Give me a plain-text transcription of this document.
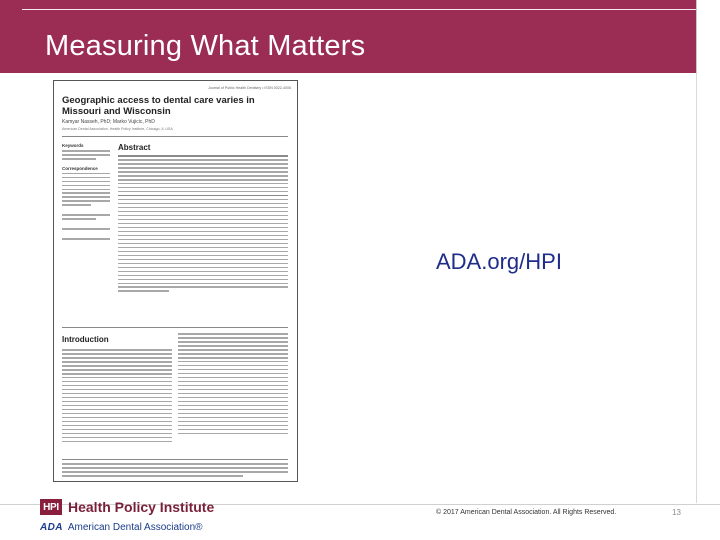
Measuring What Matters
Journal of Public Health Dentistry • ISSN 0022-4006
Geographic access to dental care varies in Missouri and Wisconsin
Kamyar Nasseh, PhD; Marko Vujicic, PhD
American Dental Association, Health Policy Institute, Chicago, IL USA
Keywords
Correspondence
Abstract
Introduction
ADA.org/HPI
HPI Health Policy Institute
ADA American Dental Association®
© 2017 American Dental Association. All Rights Reserved.	13
